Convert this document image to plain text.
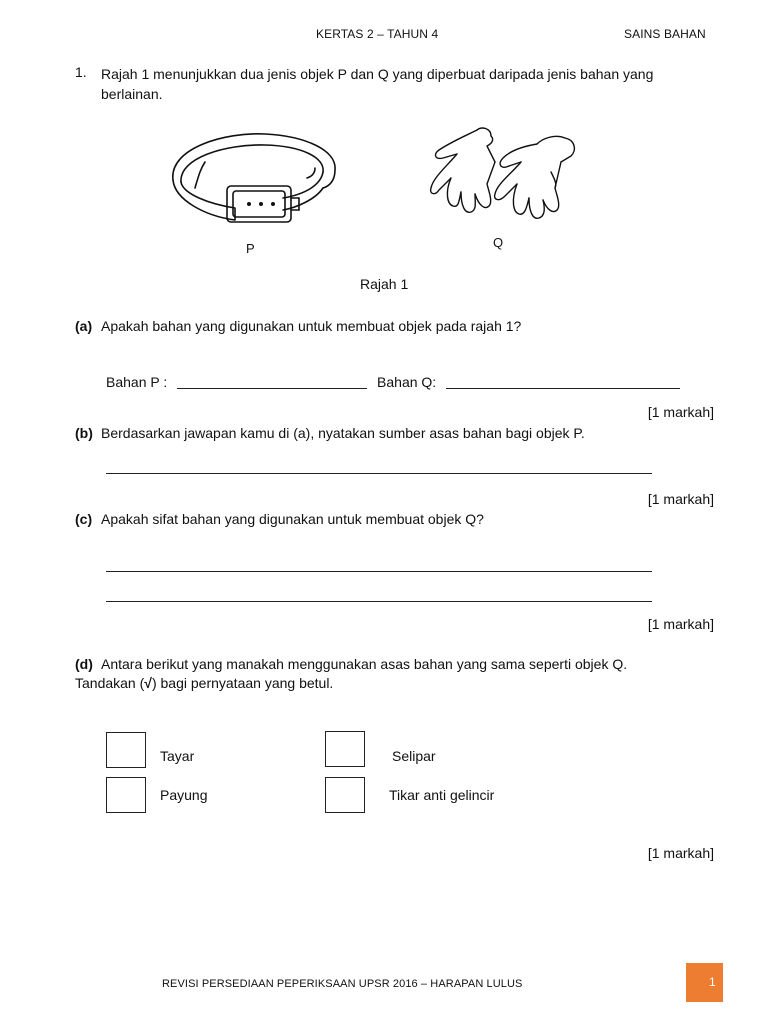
KERTAS 2 – TAHUN 4	SAINS BAHAN
1. Rajah 1 menunjukkan dua jenis objek P dan Q yang diperbuat daripada jenis bahan yang berlainan.
P	Q
Rajah 1
(a) Apakah bahan yang digunakan untuk membuat objek pada rajah 1?
Bahan P :	Bahan Q:
[1 markah]
(b) Berdasarkan jawapan kamu di (a), nyatakan sumber asas bahan bagi objek P.
[1 markah]
(c) Apakah sifat bahan yang digunakan untuk membuat objek Q?
[1 markah]
(d) Antara berikut yang manakah menggunakan asas bahan yang sama seperti objek Q.
Tandakan (√) bagi pernyataan yang betul.
Tayar	Selipar
Payung	Tikar anti gelincir
[1 markah]
REVISI PERSEDIAAN PEPERIKSAAN UPSR 2016 – HARAPAN LULUS	1
